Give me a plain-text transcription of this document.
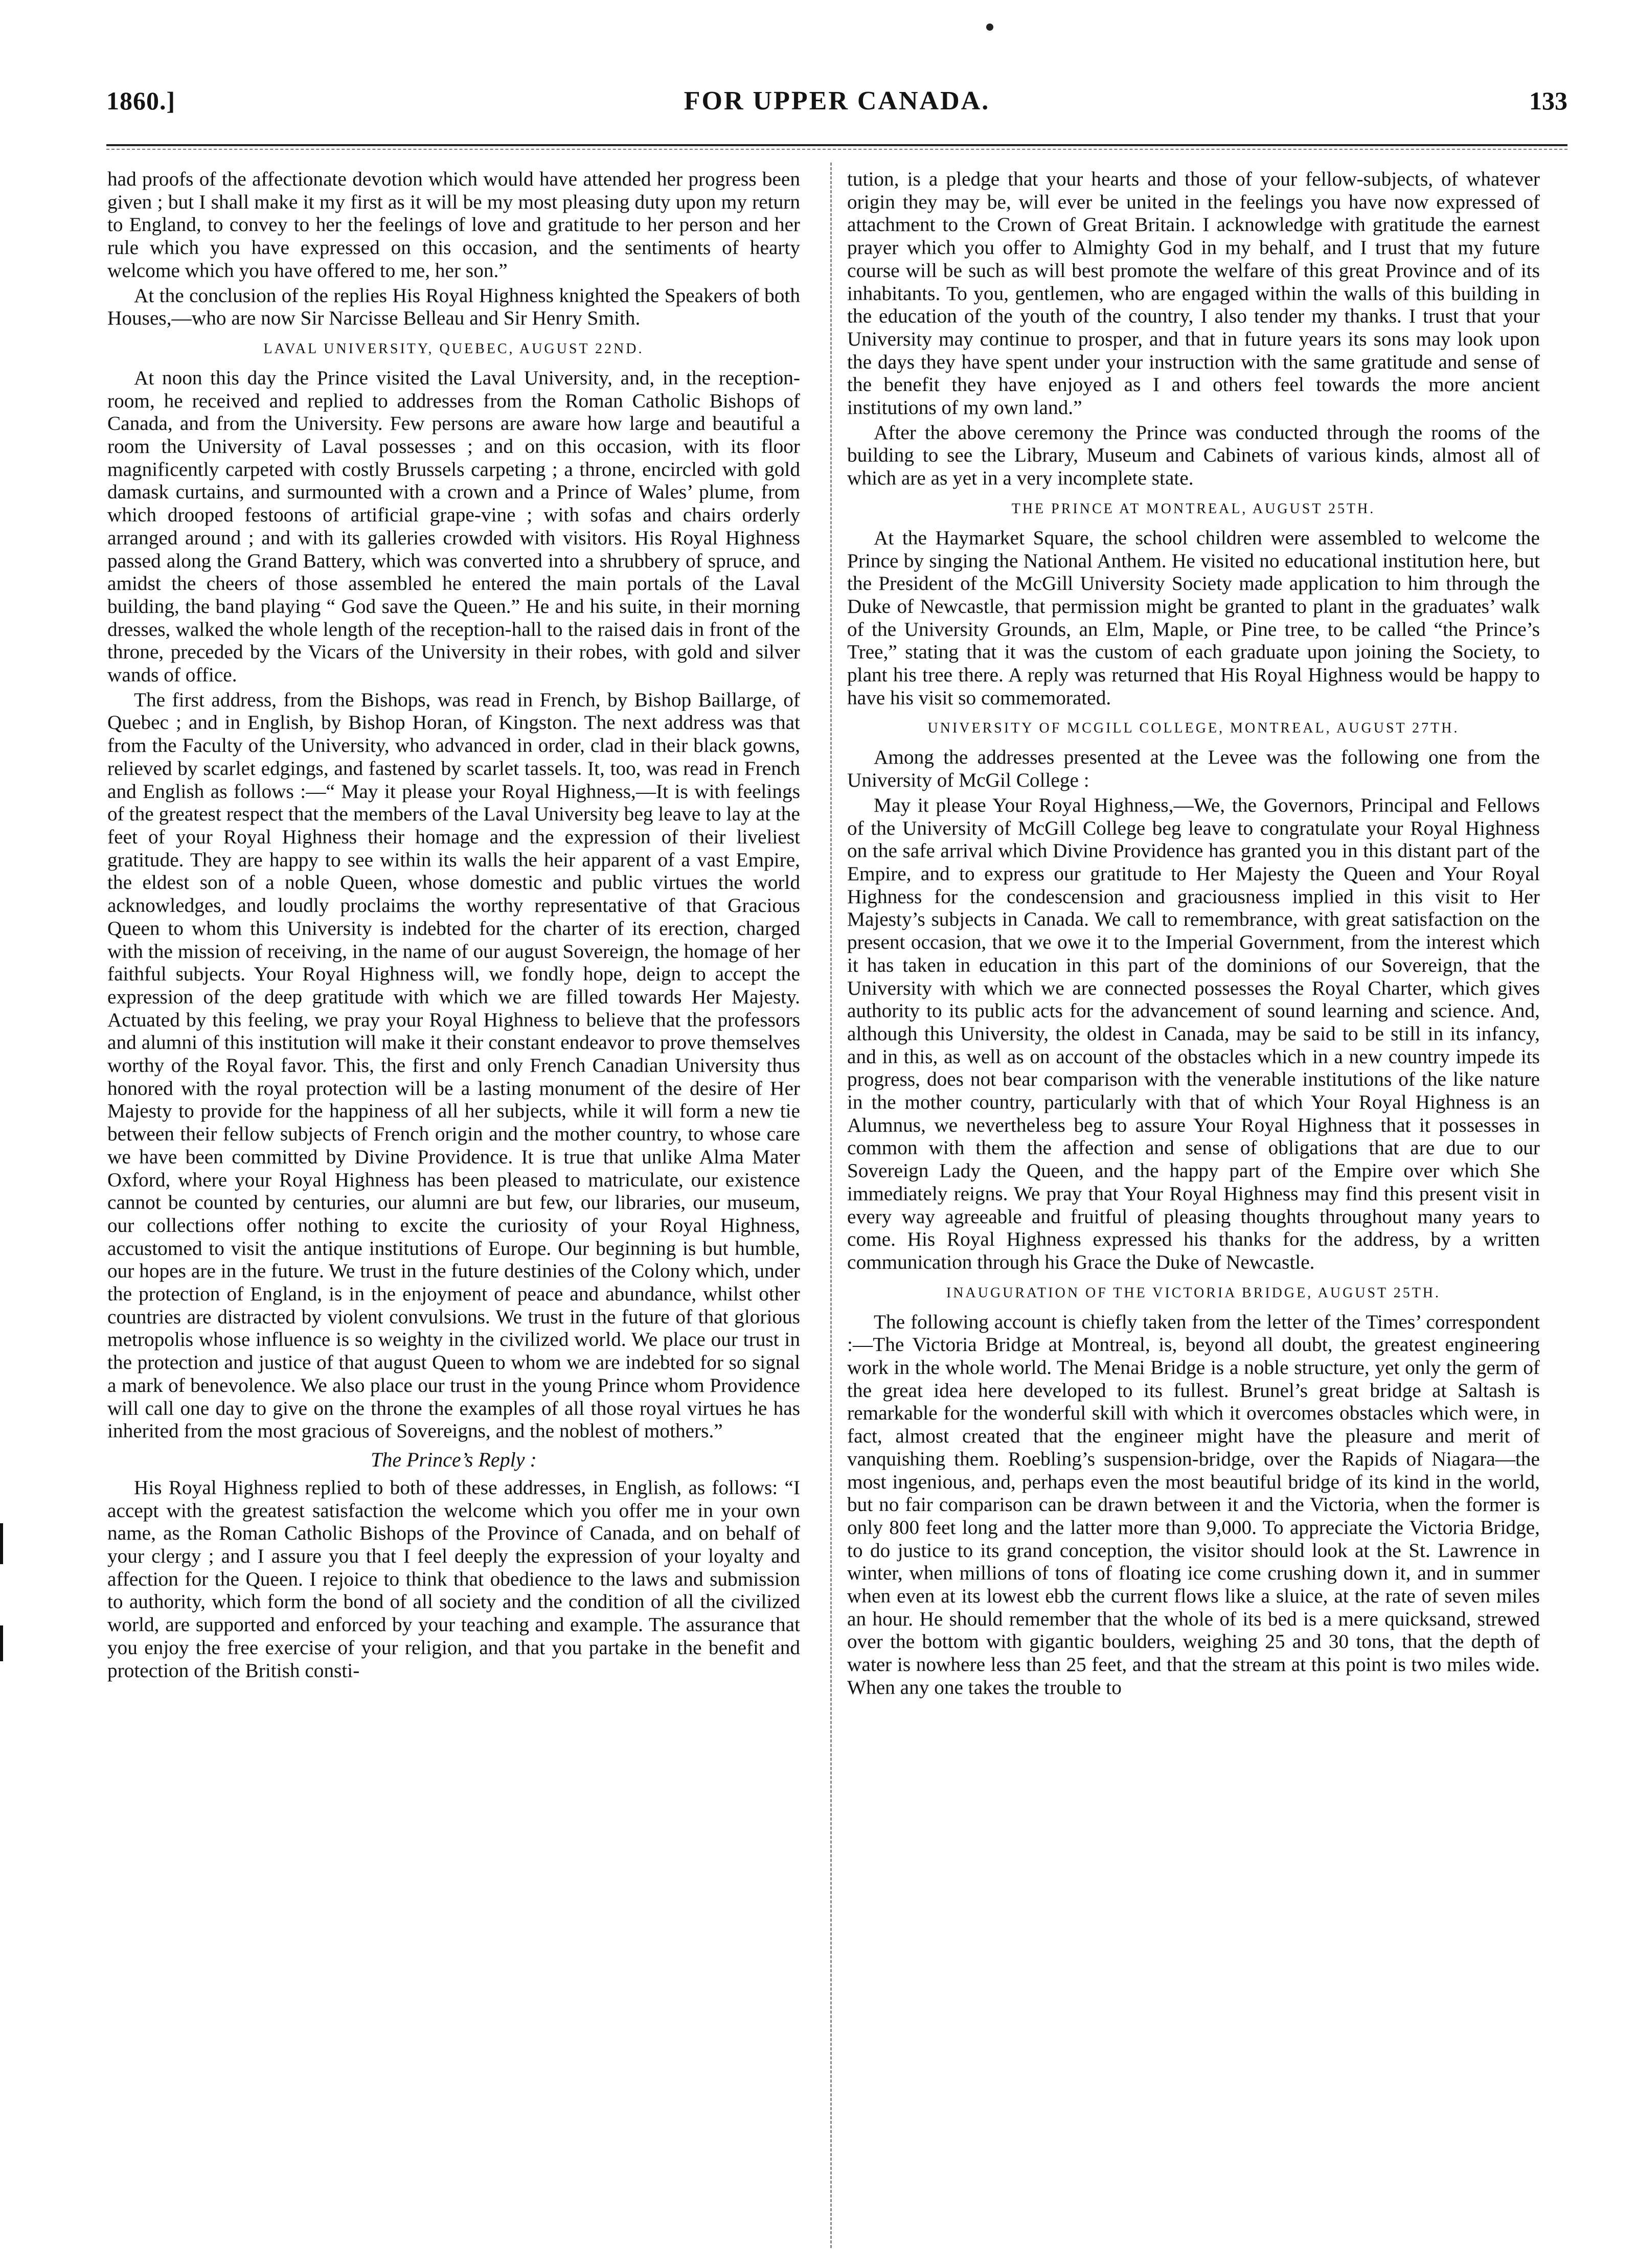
1860.]	FOR UPPER CANADA.	133

had proofs of the affectionate devotion which would have attended her progress been given ; but I shall make it my first as it will be my most pleasing duty upon my return to England, to convey to her the feelings of love and gratitude to her person and her rule which you have expressed on this occasion, and the sentiments of hearty welcome which you have offered to me, her son.”

At the conclusion of the replies His Royal Highness knighted the Speakers of both Houses,—who are now Sir Narcisse Belleau and Sir Henry Smith.

LAVAL UNIVERSITY, QUEBEC, AUGUST 22ND.

At noon this day the Prince visited the Laval University, and, in the reception-room, he received and replied to addresses from the Roman Catholic Bishops of Canada, and from the University. Few persons are aware how large and beautiful a room the University of Laval possesses ; and on this occasion, with its floor magnificently carpeted with costly Brussels carpeting ; a throne, encircled with gold damask curtains, and surmounted with a crown and a Prince of Wales’ plume, from which drooped festoons of artificial grape-vine ; with sofas and chairs orderly arranged around ; and with its galleries crowded with visitors. His Royal Highness passed along the Grand Battery, which was converted into a shrubbery of spruce, and amidst the cheers of those assembled he entered the main portals of the Laval building, the band playing “ God save the Queen.” He and his suite, in their morning dresses, walked the whole length of the reception-hall to the raised dais in front of the throne, preceded by the Vicars of the University in their robes, with gold and silver wands of office.

The first address, from the Bishops, was read in French, by Bishop Baillarge, of Quebec ; and in English, by Bishop Horan, of Kingston. The next address was that from the Faculty of the University, who advanced in order, clad in their black gowns, relieved by scarlet edgings, and fastened by scarlet tassels. It, too, was read in French and English as follows :—“ May it please your Royal Highness,—It is with feelings of the greatest respect that the members of the Laval University beg leave to lay at the feet of your Royal Highness their homage and the expression of their liveliest gratitude. They are happy to see within its walls the heir apparent of a vast Empire, the eldest son of a noble Queen, whose domestic and public virtues the world acknowledges, and loudly proclaims the worthy representative of that Gracious Queen to whom this University is indebted for the charter of its erection, charged with the mission of receiving, in the name of our august Sovereign, the homage of her faithful subjects. Your Royal Highness will, we fondly hope, deign to accept the expression of the deep gratitude with which we are filled towards Her Majesty. Actuated by this feeling, we pray your Royal Highness to believe that the professors and alumni of this institution will make it their constant endeavor to prove themselves worthy of the Royal favor. This, the first and only French Canadian University thus honored with the royal protection will be a lasting monument of the desire of Her Majesty to provide for the happiness of all her subjects, while it will form a new tie between their fellow subjects of French origin and the mother country, to whose care we have been committed by Divine Providence. It is true that unlike Alma Mater Oxford, where your Royal Highness has been pleased to matriculate, our existence cannot be counted by centuries, our alumni are but few, our libraries, our museum, our collections offer nothing to excite the curiosity of your Royal Highness, accustomed to visit the antique institutions of Europe. Our beginning is but humble, our hopes are in the future. We trust in the future destinies of the Colony which, under the protection of England, is in the enjoyment of peace and abundance, whilst other countries are distracted by violent convulsions. We trust in the future of that glorious metropolis whose influence is so weighty in the civilized world. We place our trust in the protection and justice of that august Queen to whom we are indebted for so signal a mark of benevolence. We also place our trust in the young Prince whom Providence will call one day to give on the throne the examples of all those royal virtues he has inherited from the most gracious of Sovereigns, and the noblest of mothers.”

The Prince’s Reply :

His Royal Highness replied to both of these addresses, in English, as follows: “I accept with the greatest satisfaction the welcome which you offer me in your own name, as the Roman Catholic Bishops of the Province of Canada, and on behalf of your clergy ; and I assure you that I feel deeply the expression of your loyalty and affection for the Queen. I rejoice to think that obedience to the laws and submission to authority, which form the bond of all society and the condition of all the civilized world, are supported and enforced by your teaching and example. The assurance that you enjoy the free exercise of your religion, and that you partake in the benefit and protection of the British consti-

tution, is a pledge that your hearts and those of your fellow-subjects, of whatever origin they may be, will ever be united in the feelings you have now expressed of attachment to the Crown of Great Britain. I acknowledge with gratitude the earnest prayer which you offer to Almighty God in my behalf, and I trust that my future course will be such as will best promote the welfare of this great Province and of its inhabitants. To you, gentlemen, who are engaged within the walls of this building in the education of the youth of the country, I also tender my thanks. I trust that your University may continue to prosper, and that in future years its sons may look upon the days they have spent under your instruction with the same gratitude and sense of the benefit they have enjoyed as I and others feel towards the more ancient institutions of my own land.”

After the above ceremony the Prince was conducted through the rooms of the building to see the Library, Museum and Cabinets of various kinds, almost all of which are as yet in a very incomplete state.

THE PRINCE AT MONTREAL, AUGUST 25TH.

At the Haymarket Square, the school children were assembled to welcome the Prince by singing the National Anthem. He visited no educational institution here, but the President of the McGill University Society made application to him through the Duke of Newcastle, that permission might be granted to plant in the graduates’ walk of the University Grounds, an Elm, Maple, or Pine tree, to be called “the Prince’s Tree,” stating that it was the custom of each graduate upon joining the Society, to plant his tree there. A reply was returned that His Royal Highness would be happy to have his visit so commemorated.

UNIVERSITY OF MCGILL COLLEGE, MONTREAL, AUGUST 27TH.

Among the addresses presented at the Levee was the following one from the University of McGil College :

May it please Your Royal Highness,—We, the Governors, Principal and Fellows of the University of McGill College beg leave to congratulate your Royal Highness on the safe arrival which Divine Providence has granted you in this distant part of the Empire, and to express our gratitude to Her Majesty the Queen and Your Royal Highness for the condescension and graciousness implied in this visit to Her Majesty’s subjects in Canada. We call to remembrance, with great satisfaction on the present occasion, that we owe it to the Imperial Government, from the interest which it has taken in education in this part of the dominions of our Sovereign, that the University with which we are connected possesses the Royal Charter, which gives authority to its public acts for the advancement of sound learning and science. And, although this University, the oldest in Canada, may be said to be still in its infancy, and in this, as well as on account of the obstacles which in a new country impede its progress, does not bear comparison with the venerable institutions of the like nature in the mother country, particularly with that of which Your Royal Highness is an Alumnus, we nevertheless beg to assure Your Royal Highness that it possesses in common with them the affection and sense of obligations that are due to our Sovereign Lady the Queen, and the happy part of the Empire over which She immediately reigns. We pray that Your Royal Highness may find this present visit in every way agreeable and fruitful of pleasing thoughts throughout many years to come. His Royal Highness expressed his thanks for the address, by a written communication through his Grace the Duke of Newcastle.

INAUGURATION OF THE VICTORIA BRIDGE, AUGUST 25TH.

The following account is chiefly taken from the letter of the Times’ correspondent :—The Victoria Bridge at Montreal, is, beyond all doubt, the greatest engineering work in the whole world. The Menai Bridge is a noble structure, yet only the germ of the great idea here developed to its fullest. Brunel’s great bridge at Saltash is remarkable for the wonderful skill with which it overcomes obstacles which were, in fact, almost created that the engineer might have the pleasure and merit of vanquishing them. Roebling’s suspension-bridge, over the Rapids of Niagara—the most ingenious, and, perhaps even the most beautiful bridge of its kind in the world, but no fair comparison can be drawn between it and the Victoria, when the former is only 800 feet long and the latter more than 9,000. To appreciate the Victoria Bridge, to do justice to its grand conception, the visitor should look at the St. Lawrence in winter, when millions of tons of floating ice come crushing down it, and in summer when even at its lowest ebb the current flows like a sluice, at the rate of seven miles an hour. He should remember that the whole of its bed is a mere quicksand, strewed over the bottom with gigantic boulders, weighing 25 and 30 tons, that the depth of water is nowhere less than 25 feet, and that the stream at this point is two miles wide. When any one takes the trouble to
